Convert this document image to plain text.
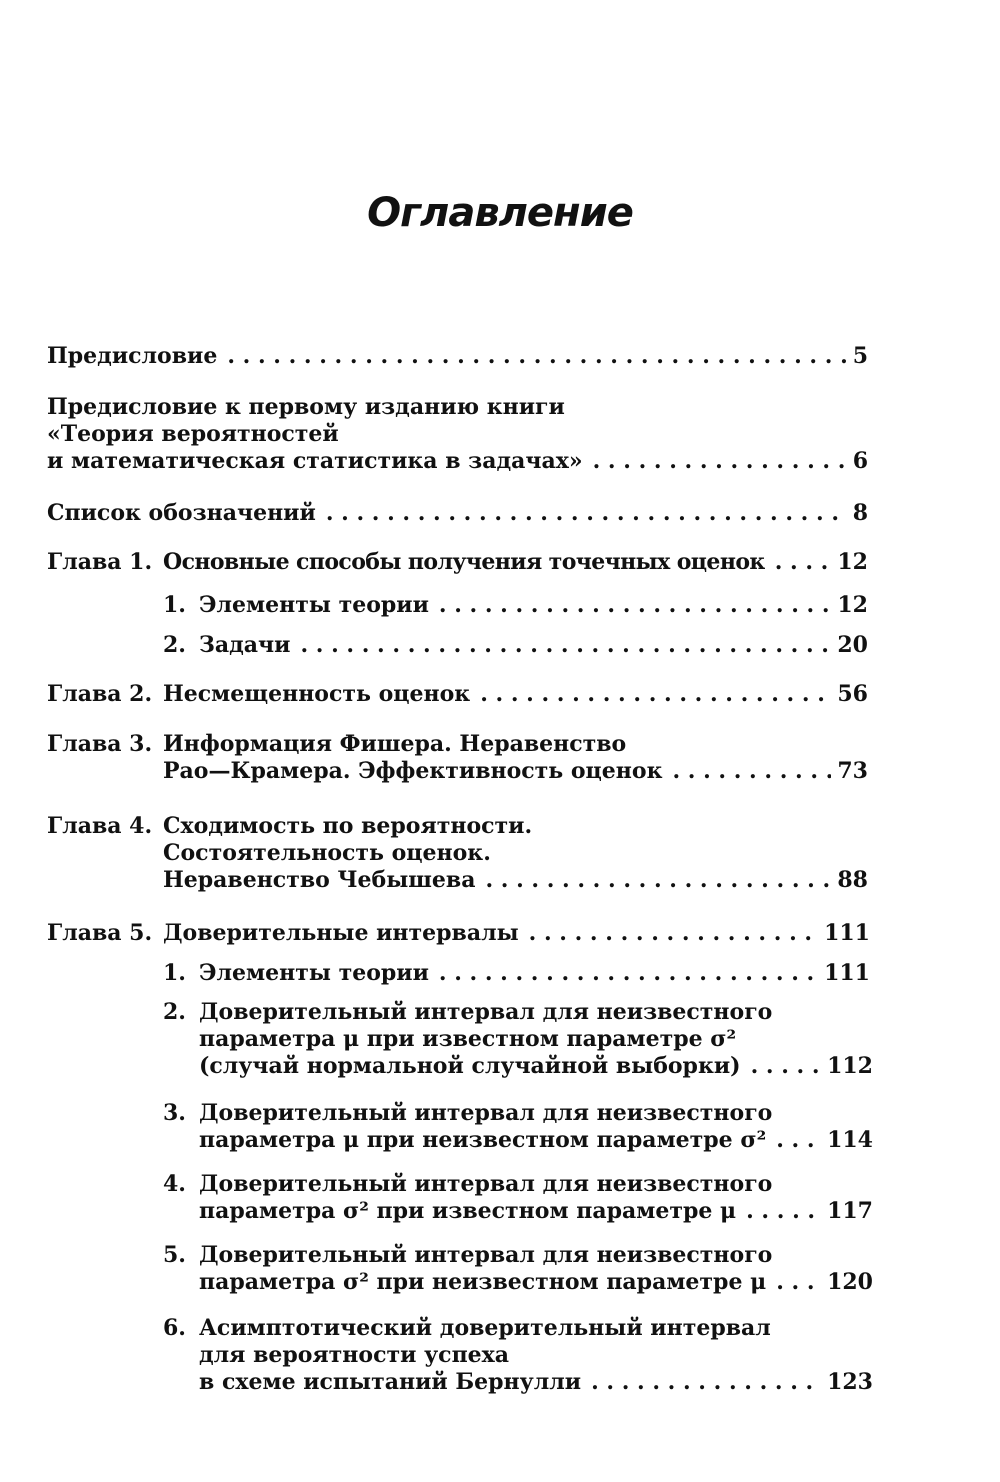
Оглавление
Предисловие . . .	5
Предисловие к первому изданию книги
«Теория вероятностей
и математическая статистика в задачах» . . .	6
Список обозначений . . .	8
Глава 1. Основные способы получения точечных оценок . . .	12
1. Элементы теории . . .	12
2. Задачи . . .	20
Глава 2. Несмещенность оценок . . .	56
Глава 3. Информация Фишера. Неравенство
Рао—Крамера. Эффективность оценок . . .	73
Глава 4. Сходимость по вероятности.
Состоятельность оценок.
Неравенство Чебышева . . .	88
Глава 5. Доверительные интервалы . . .	111
1. Элементы теории . . .	111
2. Доверительный интервал для неизвестного
параметра μ при известном параметре σ²
(случай нормальной случайной выборки) . . .	112
3. Доверительный интервал для неизвестного
параметра μ при неизвестном параметре σ² . . .	114
4. Доверительный интервал для неизвестного
параметра σ² при известном параметре μ . . .	117
5. Доверительный интервал для неизвестного
параметра σ² при неизвестном параметре μ . . .	120
6. Асимптотический доверительный интервал
для вероятности успеха
в схеме испытаний Бернулли . . .	123
